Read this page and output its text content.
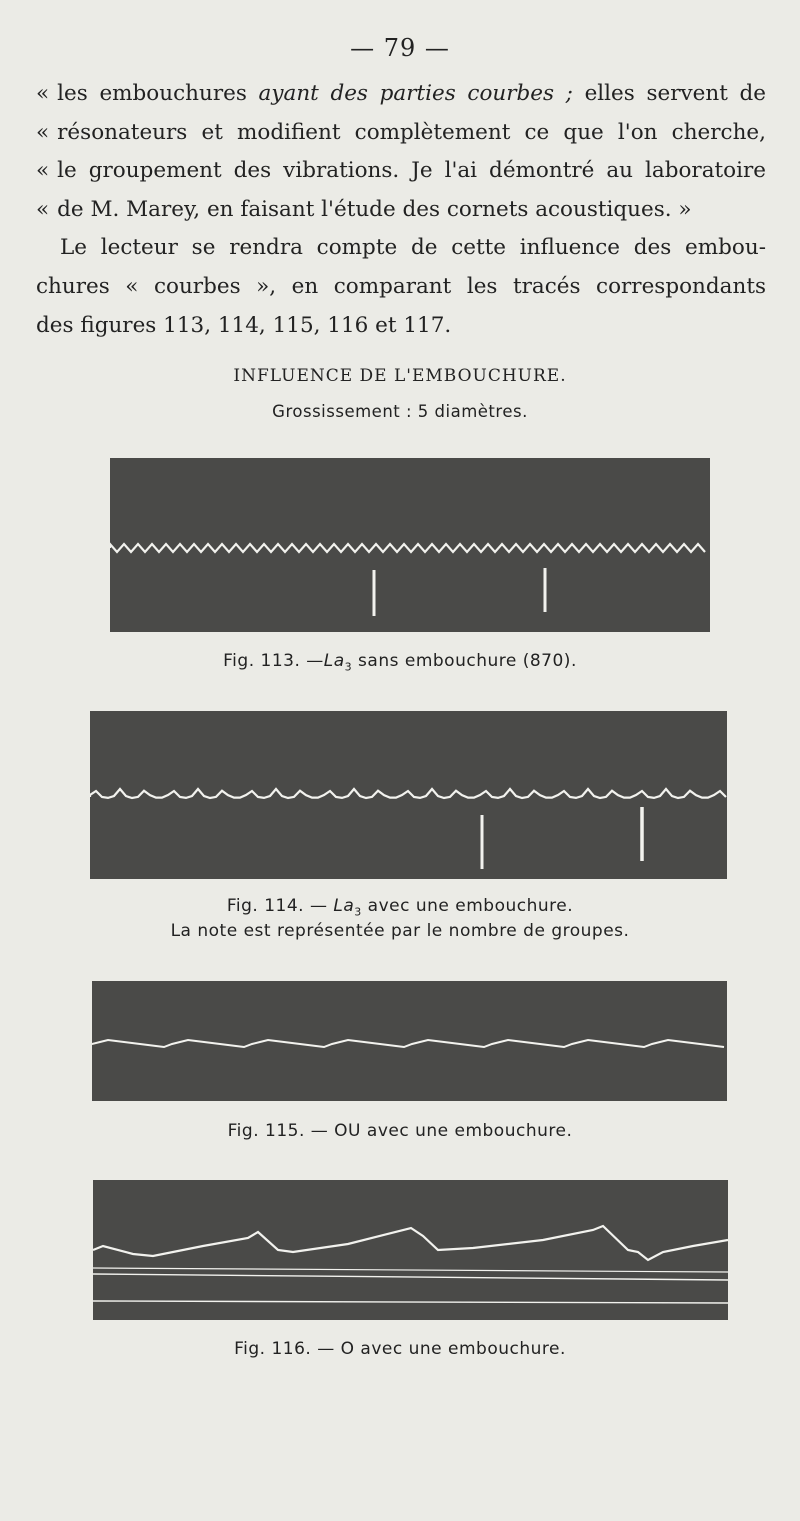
— 79 —

« les embouchures ayant des parties courbes ; elles servent de
« résonateurs et modifient complètement ce que l'on cherche,
« le groupement des vibrations. Je l'ai démontré au laboratoire
« de M. Marey, en faisant l'étude des cornets acoustiques. »

Le lecteur se rendra compte de cette influence des embou-
chures « courbes », en comparant les tracés correspondants
des figures 113, 114, 115, 116 et 117.

INFLUENCE DE L'EMBOUCHURE.
Grossissement : 5 diamètres.
Fig. 113. $—La_3$ sans embouchure (870).
Fig. 114. — $La_3$ avec une embouchure.
La note est représentée par le nombre de groupes.
Fig. 115. — OU avec une embouchure.
Fig. 116. — O avec une embouchure.
